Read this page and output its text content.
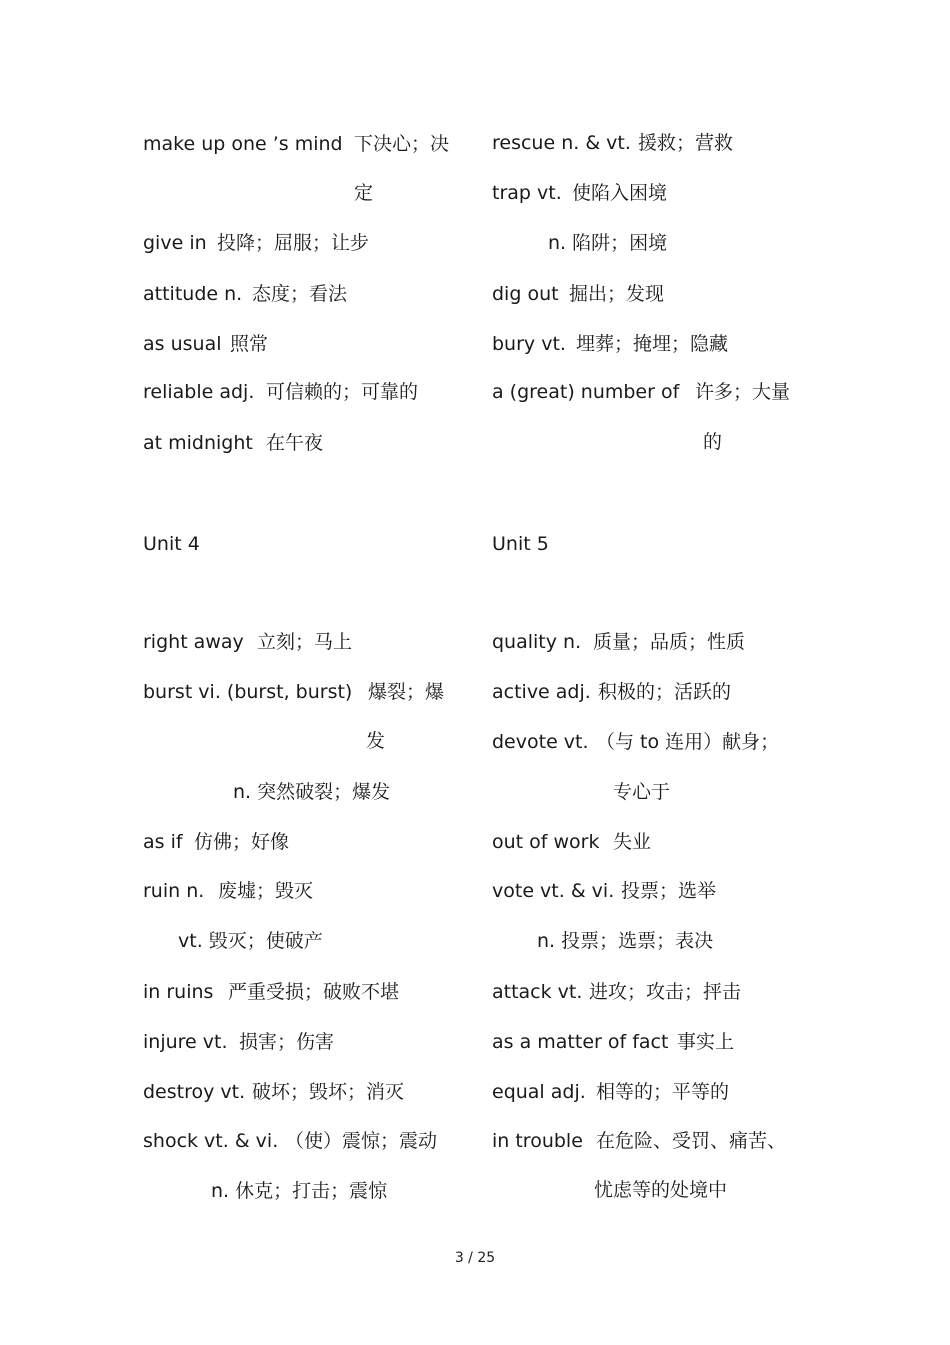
make up one ’s mind 下决心；决
定
give in 投降；屈服；让步
attitude n. 态度；看法
as usual 照常
reliable adj. 可信赖的；可靠的
at midnight 在午夜
Unit 4
right away 立刻；马上
burst vi. (burst, burst) 爆裂；爆
发
n. 突然破裂；爆发
as if 仿佛；好像
ruin n. 废墟；毁灭
vt. 毁灭；使破产
in ruins 严重受损；破败不堪
injure vt. 损害；伤害
destroy vt. 破坏；毁坏；消灭
shock vt. & vi. （使）震惊；震动
n. 休克；打击；震惊
rescue n. & vt. 援救；营救
trap vt. 使陷入困境
n. 陷阱；困境
dig out 掘出；发现
bury vt. 埋葬；掩埋；隐藏
a (great) number of 许多；大量
的
Unit 5
quality n. 质量；品质；性质
active adj. 积极的；活跃的
devote vt. （与 to 连用）献身；
专心于
out of work 失业
vote vt. & vi. 投票；选举
n. 投票；选票；表决
attack vt. 进攻；攻击；抨击
as a matter of fact 事实上
equal adj. 相等的；平等的
in trouble 在危险、受罚、痛苦、
忧虑等的处境中
3 / 25
